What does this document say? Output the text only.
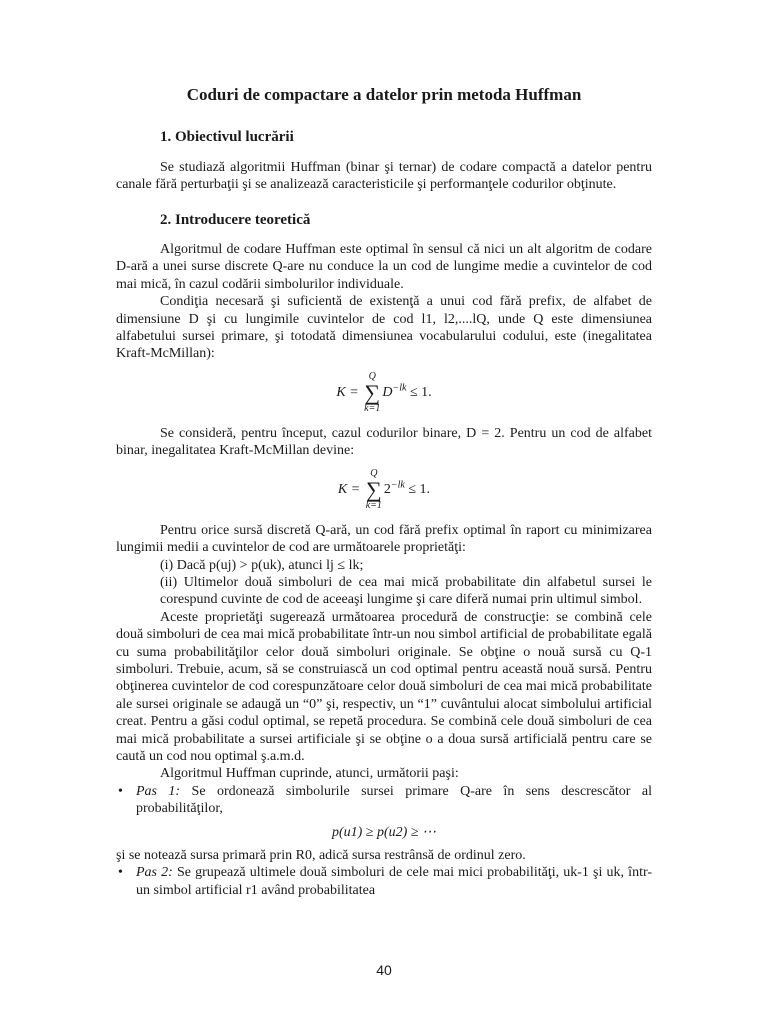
Coduri de compactare a datelor prin metoda Huffman
1. Obiectivul lucrării

Se studiază algoritmii Huffman (binar şi ternar) de codare compactă a datelor pentru canale fără perturbaţii şi se analizează caracteristicile şi performanţele codurilor obţinute.

2. Introducere teoretică

Algoritmul de codare Huffman este optimal în sensul că nici un alt algoritm de codare D-ară a unei surse discrete Q-are nu conduce la un cod de lungime medie a cuvintelor de cod mai mică, în cazul codării simbolurilor individuale.

Condiţia necesară şi suficientă de existenţă a unui cod fără prefix, de alfabet de dimensiune D şi cu lungimile cuvintelor de cod l1, l2,....lQ, unde Q este dimensiunea alfabetului sursei primare, şi totodată dimensiunea vocabularului codului, este (inegalitatea Kraft-McMillan):

K =
Q
∑
k=1
$D^{-lk} \le 1$.

Se consideră, pentru început, cazul codurilor binare, D = 2. Pentru un cod de alfabet binar, inegalitatea Kraft-McMillan devine:

K =
Q
∑
k=1
$2^{-lk} \le 1$.

Pentru orice sursă discretă Q-ară, un cod fără prefix optimal în raport cu minimizarea lungimii medii a cuvintelor de cod are următoarele proprietăţi:

(i) Dacă p(uj) > p(uk), atunci lj ≤ lk;
(ii) Ultimelor două simboluri de cea mai mică probabilitate din alfabetul sursei le corespund cuvinte de cod de aceeaşi lungime şi care diferă numai prin ultimul simbol.

Aceste proprietăţi sugerează următoarea procedură de construcţie: se combină cele două simboluri de cea mai mică probabilitate într-un nou simbol artificial de probabilitate egală cu suma probabilităţilor celor două simboluri originale. Se obţine o nouă sursă cu Q-1 simboluri. Trebuie, acum, să se construiască un cod optimal pentru această nouă sursă. Pentru obţinerea cuvintelor de cod corespunzătoare celor două simboluri de cea mai mică probabilitate ale sursei originale se adaugă un “0” şi, respectiv, un “1” cuvântului alocat simbolului artificial creat. Pentru a găsi codul optimal, se repetă procedura. Se combină cele două simboluri de cea mai mică probabilitate a sursei artificiale şi se obţine o a doua sursă artificială pentru care se caută un cod nou optimal ş.a.m.d.

Algoritmul Huffman cuprinde, atunci, următorii paşi:

• Pas 1: Se ordonează simbolurile sursei primare Q-are în sens descrescător al probabilităţilor,
p(u1) ≥ p(u2) ≥ ⋯
şi se notează sursa primară prin R0, adică sursa restrânsă de ordinul zero.
• Pas 2: Se grupează ultimele două simboluri de cele mai mici probabilităţi, uk-1 şi uk, într-un simbol artificial r1 având probabilitatea
40
